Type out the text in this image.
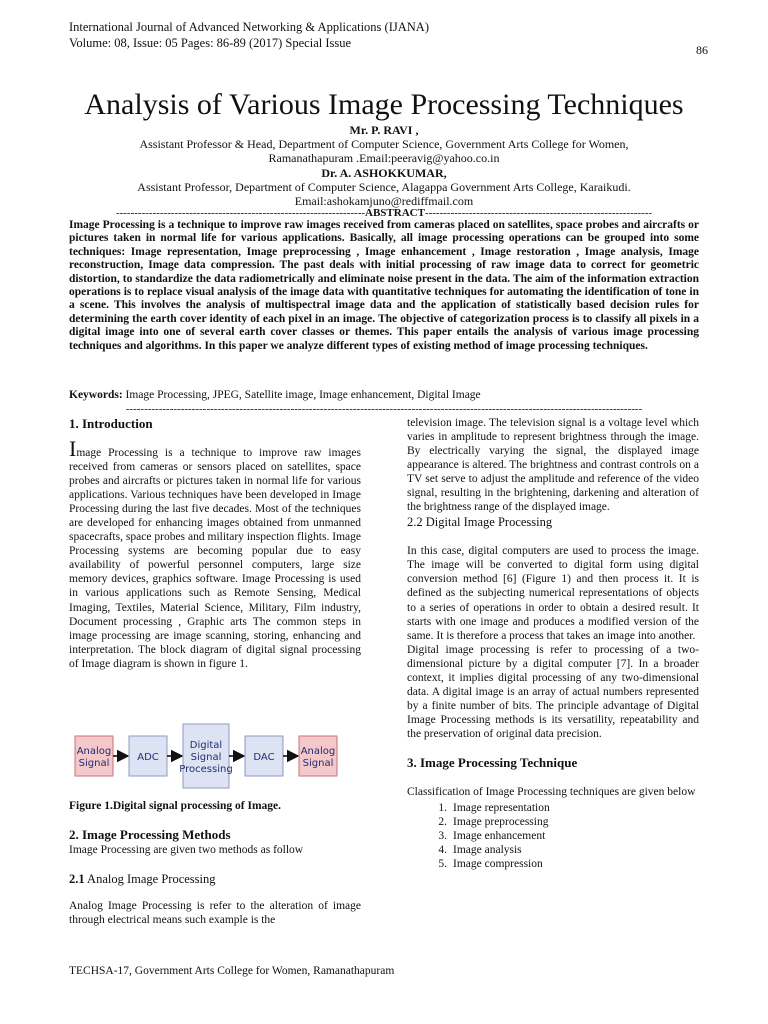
International Journal of Advanced Networking & Applications (IJANA)
Volume: 08, Issue: 05 Pages: 86-89 (2017) Special Issue	86
Analysis of Various Image Processing Techniques
Mr. P. RAVI ,
Assistant Professor & Head, Department of Computer Science, Government Arts College for Women,
Ramanathapuram .Email:peeravig@yahoo.co.in
Dr. A. ASHOKKUMAR,
Assistant Professor, Department of Computer Science, Alagappa Government Arts College, Karaikudi.
Email:ashokamjuno@rediffmail.com
--------------------------------------------------------------------ABSTRACT--------------------------------------------------------------
Image Processing is a technique to improve raw images received from cameras placed on satellites, space probes and aircrafts or pictures taken in normal life for various applications. Basically, all image processing operations can be grouped into some techniques: Image representation, Image preprocessing , Image enhancement , Image restoration , Image analysis, Image reconstruction, Image data compression. The past deals with initial processing of raw image data to correct for geometric distortion, to standardize the data radiometrically and eliminate noise present in the data. The aim of the information extraction operations is to replace visual analysis of the image data with quantitative techniques for automating the identification of tone in a scene. This involves the analysis of multispectral image data and the application of statistically based decision rules for determining the earth cover identity of each pixel in an image. The objective of categorization process is to classify all pixels in a digital image into one of several earth cover classes or themes. This paper entails the analysis of various image processing techniques and algorithms. In this paper we analyze different types of existing method of image processing techniques.
Keywords: Image Processing, JPEG, Satellite image, Image enhancement, Digital Image
---------------------------------------------------------------------------------------------------------------------------------------------
1. Introduction

Image Processing is a technique to improve raw images received from cameras or sensors placed on satellites, space probes and aircrafts or pictures taken in normal life for various applications. Various techniques have been developed in Image Processing during the last five decades. Most of the techniques are developed for enhancing images obtained from unmanned spacecrafts, space probes and military inspection flights. Image Processing systems are becoming popular due to easy availability of powerful personnel computers, large size memory devices, graphics software. Image Processing is used in various applications such as Remote Sensing, Medical Imaging, Textiles, Material Science, Military, Film industry, Document processing , Graphic arts The common steps in image processing are image scanning, storing, enhancing and interpretation. The block diagram of digital signal processing of Image diagram is shown in figure 1.

Analog
Signal
ADC
Digital
Signal
Processing
DAC
Analog
Signal
Figure 1.Digital signal processing of Image.
2. Image Processing Methods

Image Processing are given two methods as follow

2.1 Analog Image Processing

Analog Image Processing is refer to the alteration of image through electrical means such example is the

television image. The television signal is a voltage level which varies in amplitude to represent brightness through the image. By electrically varying the signal, the displayed image appearance is altered. The brightness and contrast controls on a TV set serve to adjust the amplitude and reference of the video signal, resulting in the brightening, darkening and alteration of the brightness range of the displayed image.

2.2 Digital Image Processing

In this case, digital computers are used to process the image. The image will be converted to digital form using digital conversion method [6] (Figure 1) and then process it. It is defined as the subjecting numerical representations of objects to a series of operations in order to obtain a desired result. It starts with one image and produces a modified version of the same. It is therefore a process that takes an image into another.

Digital image processing is refer to processing of a two-dimensional picture by a digital computer [7]. In a broader context, it implies digital processing of any two-dimensional data. A digital image is an array of actual numbers represented by a finite number of bits. The principle advantage of Digital Image Processing methods is its versatility, repeatability and the preservation of original data precision.

3. Image Processing Technique

Classification of Image Processing techniques are given below

1. Image representation
2. Image preprocessing
3. Image enhancement
4. Image analysis
5. Image compression
TECHSA-17, Government Arts College for Women, Ramanathapuram
